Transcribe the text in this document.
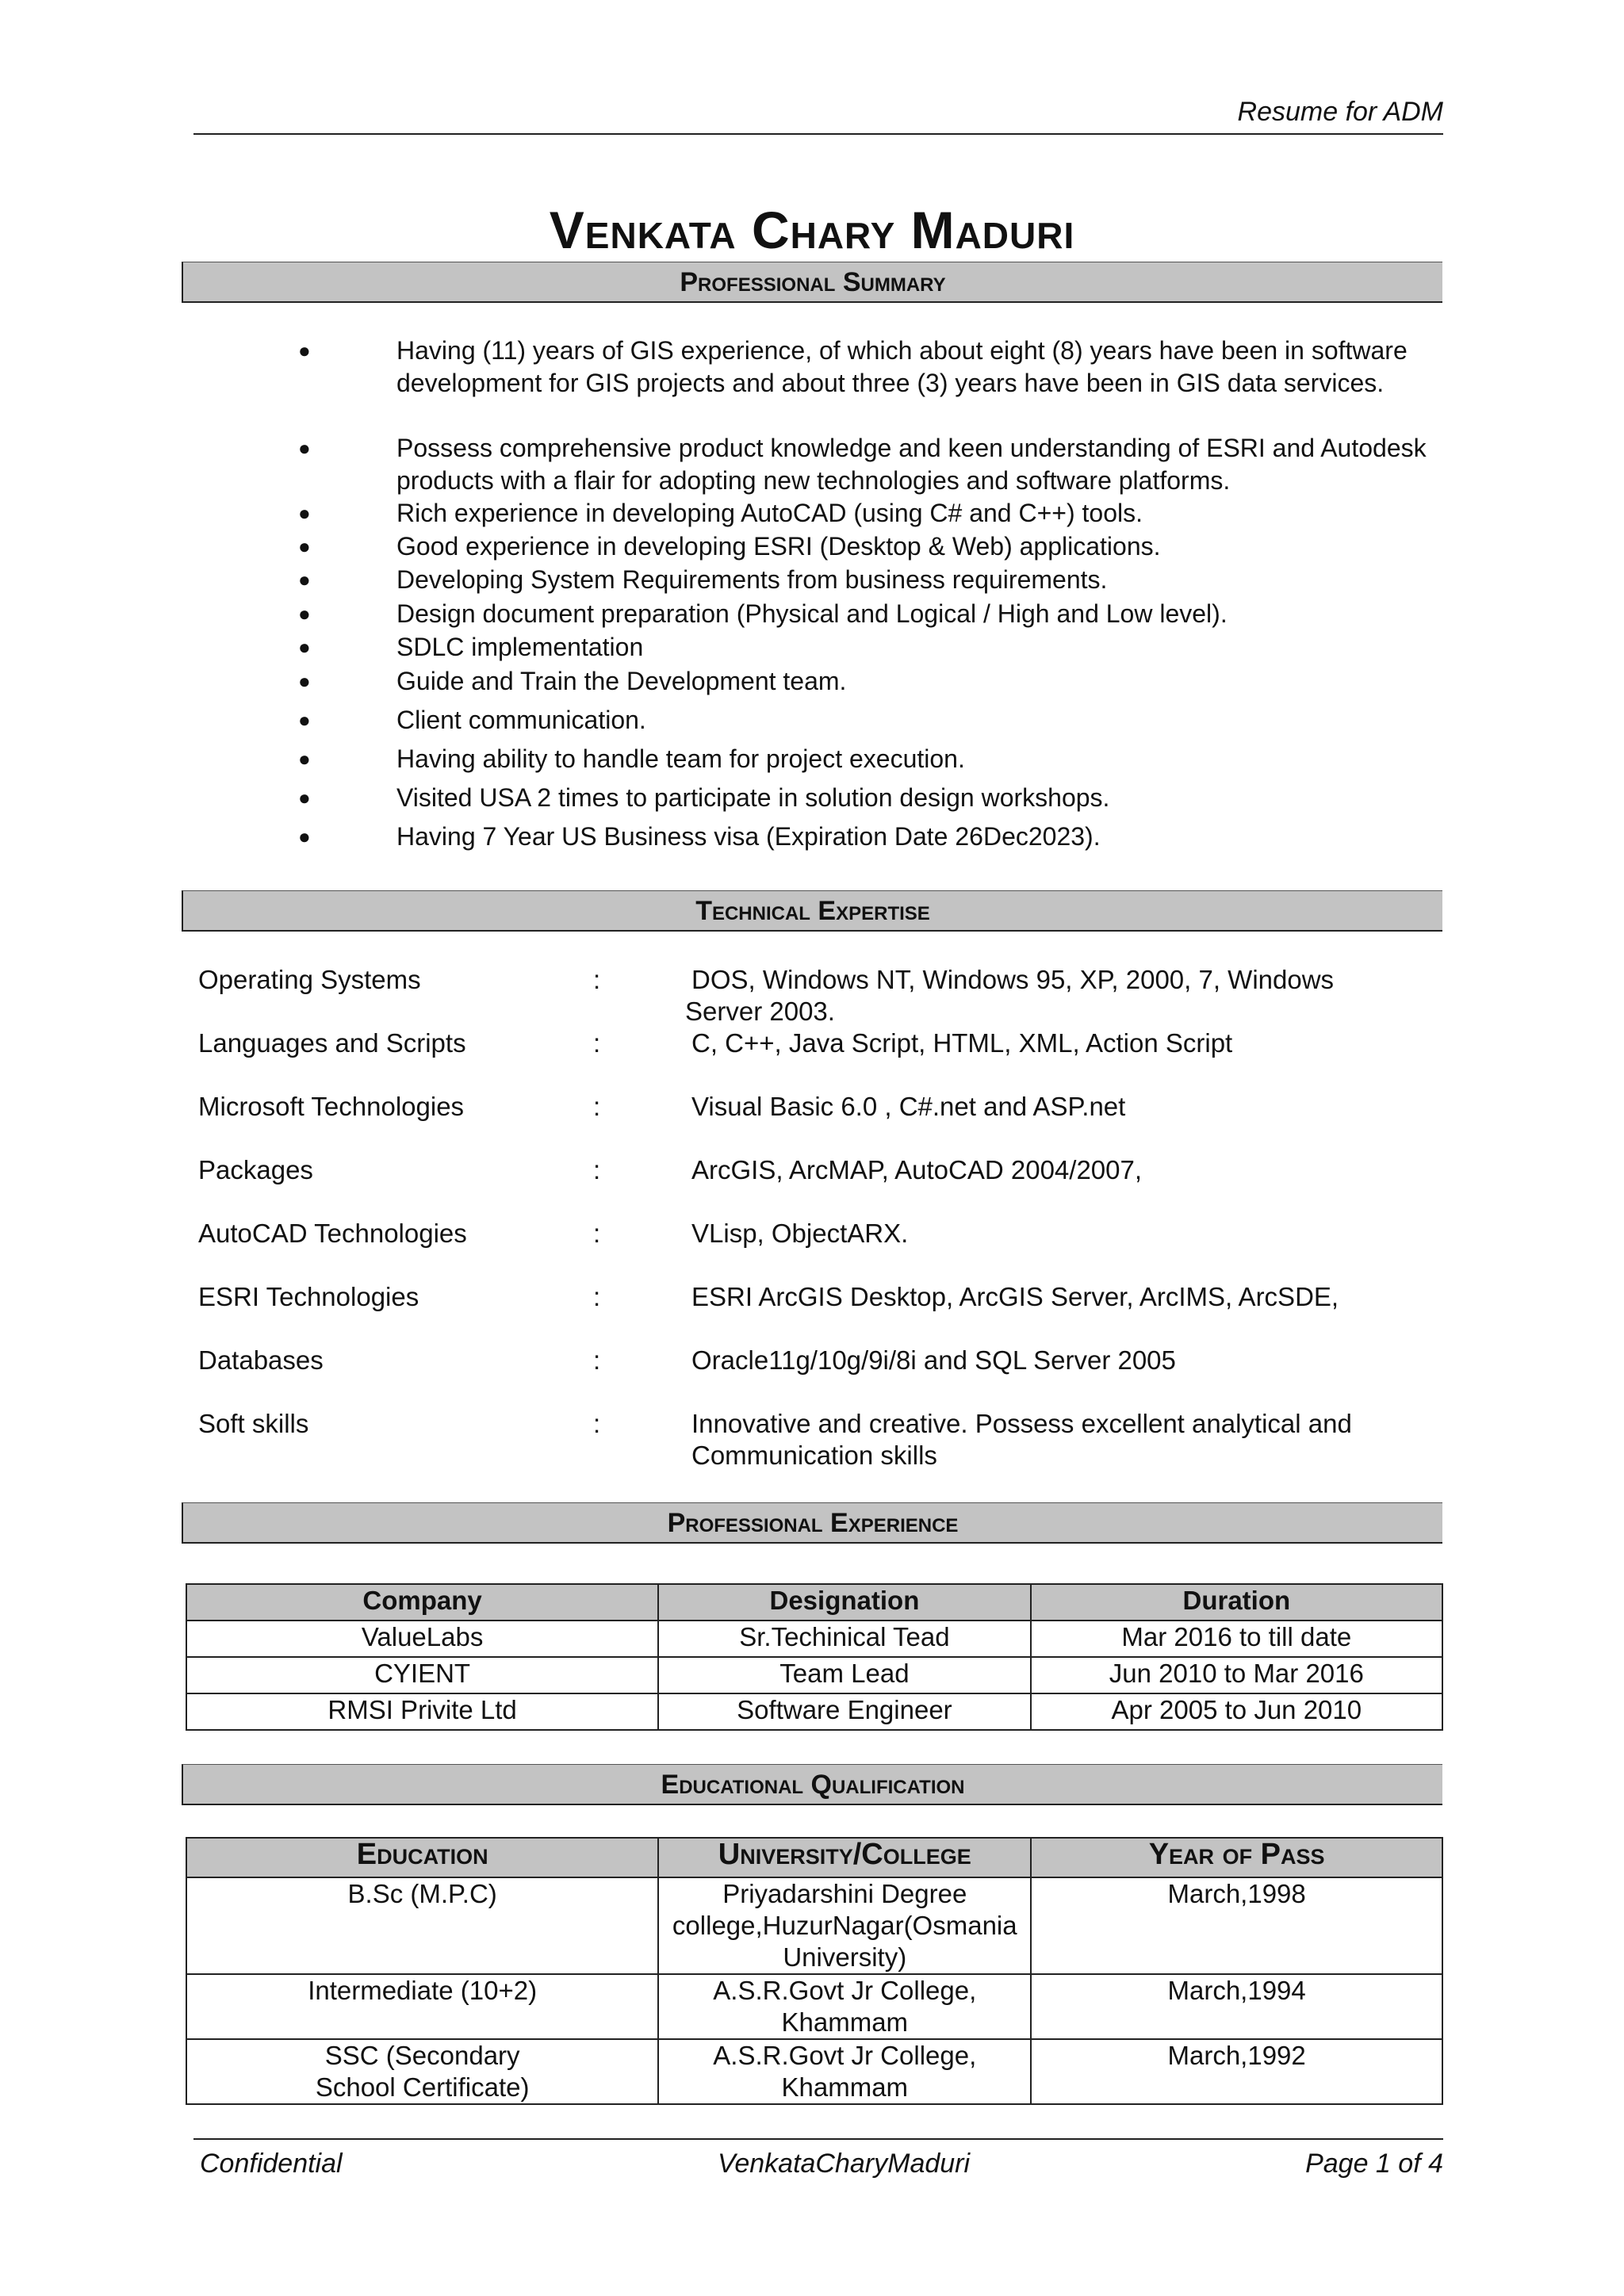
Resume for ADM
Venkata Chary Maduri
Professional Summary
●	Having (11) years of GIS experience, of which about eight (8) years have been in software development for GIS projects and about three (3) years have been in GIS data services.
●	Possess comprehensive product knowledge and keen understanding of ESRI and Autodesk products with a flair for adopting new technologies and software platforms.
●	Rich experience in developing AutoCAD (using C# and C++) tools.
●	Good experience in developing ESRI (Desktop & Web) applications.
●	Developing System Requirements from business requirements.
●	Design document preparation (Physical and Logical / High and Low level).
●	SDLC implementation
●	Guide and Train the Development team.
●	Client communication.
●	Having ability to handle team for project execution.
●	Visited USA 2 times to participate in solution design workshops.
●	Having 7 Year US Business visa (Expiration Date 26Dec2023).
Technical Expertise
Operating Systems	:	DOS, Windows NT, Windows 95, XP, 2000, 7, Windows Server 2003.
Languages and Scripts	:	C, C++, Java Script, HTML, XML, Action Script
Microsoft Technologies	:	Visual Basic 6.0 , C#.net and ASP.net
Packages	:	ArcGIS, ArcMAP, AutoCAD 2004/2007,
AutoCAD Technologies	:	VLisp, ObjectARX.
ESRI Technologies	:	ESRI ArcGIS Desktop, ArcGIS Server, ArcIMS, ArcSDE,
Databases	:	Oracle11g/10g/9i/8i and SQL Server 2005
Soft skills	:	Innovative and creative. Possess excellent analytical and Communication skills
Professional Experience
Company	Designation	Duration
ValueLabs	Sr.Techinical Tead	Mar 2016 to till date
CYIENT	Team Lead	Jun 2010 to Mar 2016
RMSI Privite Ltd	Software Engineer	Apr 2005 to Jun 2010
Educational Qualification
Education	University/College	Year of Pass
B.Sc (M.P.C)	Priyadarshini Degree college,HuzurNagar(Osmania University)	March,1998
Intermediate (10+2)	A.S.R.Govt Jr College, Khammam	March,1994
SSC (Secondary School Certificate)	A.S.R.Govt Jr College, Khammam	March,1992
Confidential	VenkataCharyMaduri	Page 1 of 4
